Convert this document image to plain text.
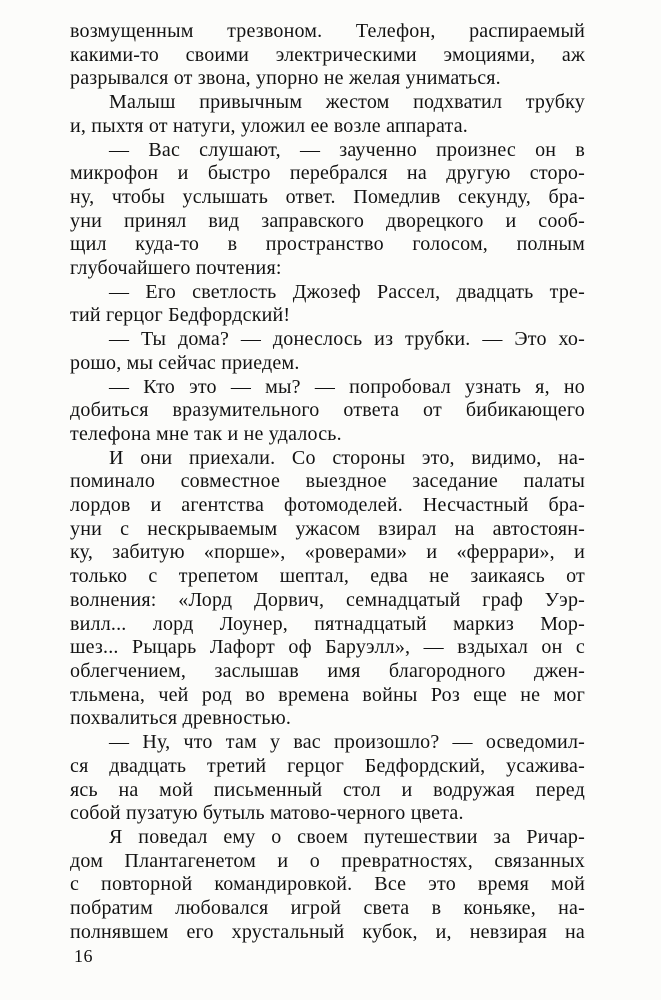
возмущенным трезвоном. Телефон, распираемый
какими-то своими электрическими эмоциями, аж
разрывался от звона, упорно не желая униматься.
Малыш привычным жестом подхватил трубку
и, пыхтя от натуги, уложил ее возле аппарата.
— Вас слушают, — заученно произнес он в
микрофон и быстро перебрался на другую сторо-
ну, чтобы услышать ответ. Помедлив секунду, бра-
уни принял вид заправского дворецкого и сооб-
щил куда-то в пространство голосом, полным
глубочайшего почтения:
— Его светлость Джозеф Рассел, двадцать тре-
тий герцог Бедфордский!
— Ты дома? — донеслось из трубки. — Это хо-
рошо, мы сейчас приедем.
— Кто это — мы? — попробовал узнать я, но
добиться вразумительного ответа от бибикающего
телефона мне так и не удалось.
И они приехали. Со стороны это, видимо, на-
поминало совместное выездное заседание палаты
лордов и агентства фотомоделей. Несчастный бра-
уни с нескрываемым ужасом взирал на автостоян-
ку, забитую «порше», «роверами» и «феррари», и
только с трепетом шептал, едва не заикаясь от
волнения: «Лорд Дорвич, семнадцатый граф Уэр-
вилл... лорд Лоунер, пятнадцатый маркиз Мор-
шез... Рыцарь Лафорт оф Баруэлл», — вздыхал он с
облегчением, заслышав имя благородного джен-
тльмена, чей род во времена войны Роз еще не мог
похвалиться древностью.
— Ну, что там у вас произошло? — осведомил-
ся двадцать третий герцог Бедфордский, усажива-
ясь на мой письменный стол и водружая перед
собой пузатую бутыль матово-черного цвета.
Я поведал ему о своем путешествии за Ричар-
дом Плантагенетом и о превратностях, связанных
с повторной командировкой. Все это время мой
побратим любовался игрой света в коньяке, на-
полнявшем его хрустальный кубок, и, невзирая на
16
